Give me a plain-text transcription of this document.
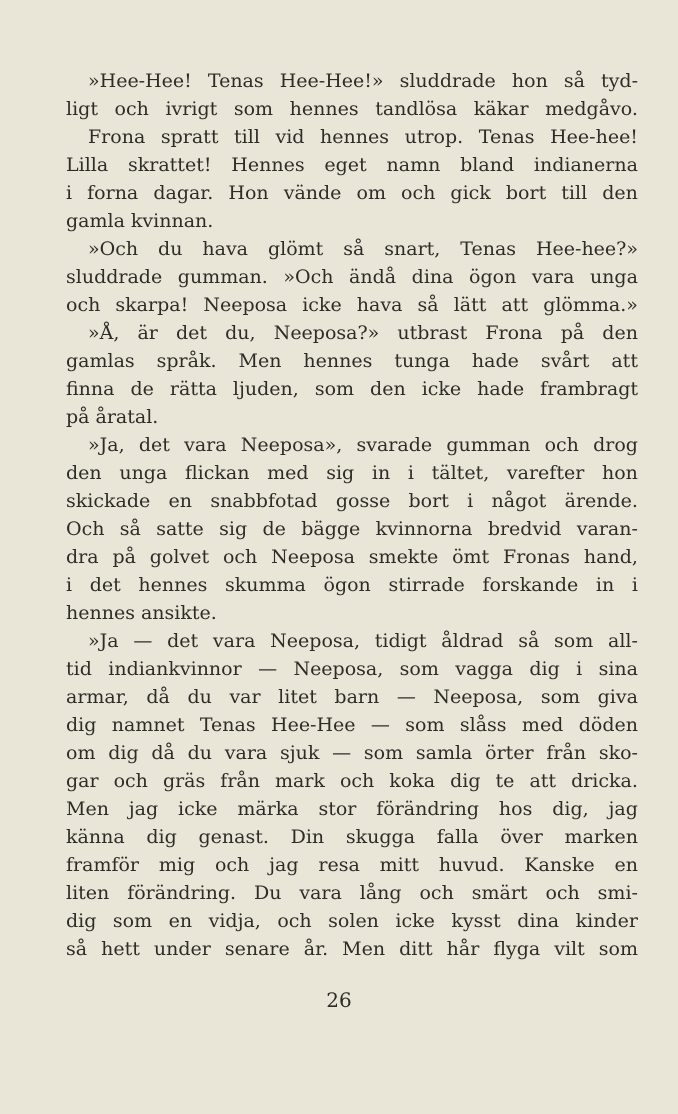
»Hee-Hee! Tenas Hee-Hee!» sluddrade hon så tyd-
ligt och ivrigt som hennes tandlösa käkar medgåvo.
Frona spratt till vid hennes utrop. Tenas Hee-hee!
Lilla skrattet! Hennes eget namn bland indianerna
i forna dagar. Hon vände om och gick bort till den
gamla kvinnan.
»Och du hava glömt så snart, Tenas Hee-hee?»
sluddrade gumman. »Och ändå dina ögon vara unga
och skarpa! Neeposa icke hava så lätt att glömma.»
»Å, är det du, Neeposa?» utbrast Frona på den
gamlas språk. Men hennes tunga hade svårt att
finna de rätta ljuden, som den icke hade frambragt
på åratal.
»Ja, det vara Neeposa», svarade gumman och drog
den unga flickan med sig in i tältet, varefter hon
skickade en snabbfotad gosse bort i något ärende.
Och så satte sig de bägge kvinnorna bredvid varan-
dra på golvet och Neeposa smekte ömt Fronas hand,
i det hennes skumma ögon stirrade forskande in i
hennes ansikte.
»Ja — det vara Neeposa, tidigt åldrad så som all-
tid indiankvinnor — Neeposa, som vagga dig i sina
armar, då du var litet barn — Neeposa, som giva
dig namnet Tenas Hee-Hee — som slåss med döden
om dig då du vara sjuk — som samla örter från sko-
gar och gräs från mark och koka dig te att dricka.
Men jag icke märka stor förändring hos dig, jag
känna dig genast. Din skugga falla över marken
framför mig och jag resa mitt huvud. Kanske en
liten förändring. Du vara lång och smärt och smi-
dig som en vidja, och solen icke kysst dina kinder
så hett under senare år. Men ditt hår flyga vilt som
26
